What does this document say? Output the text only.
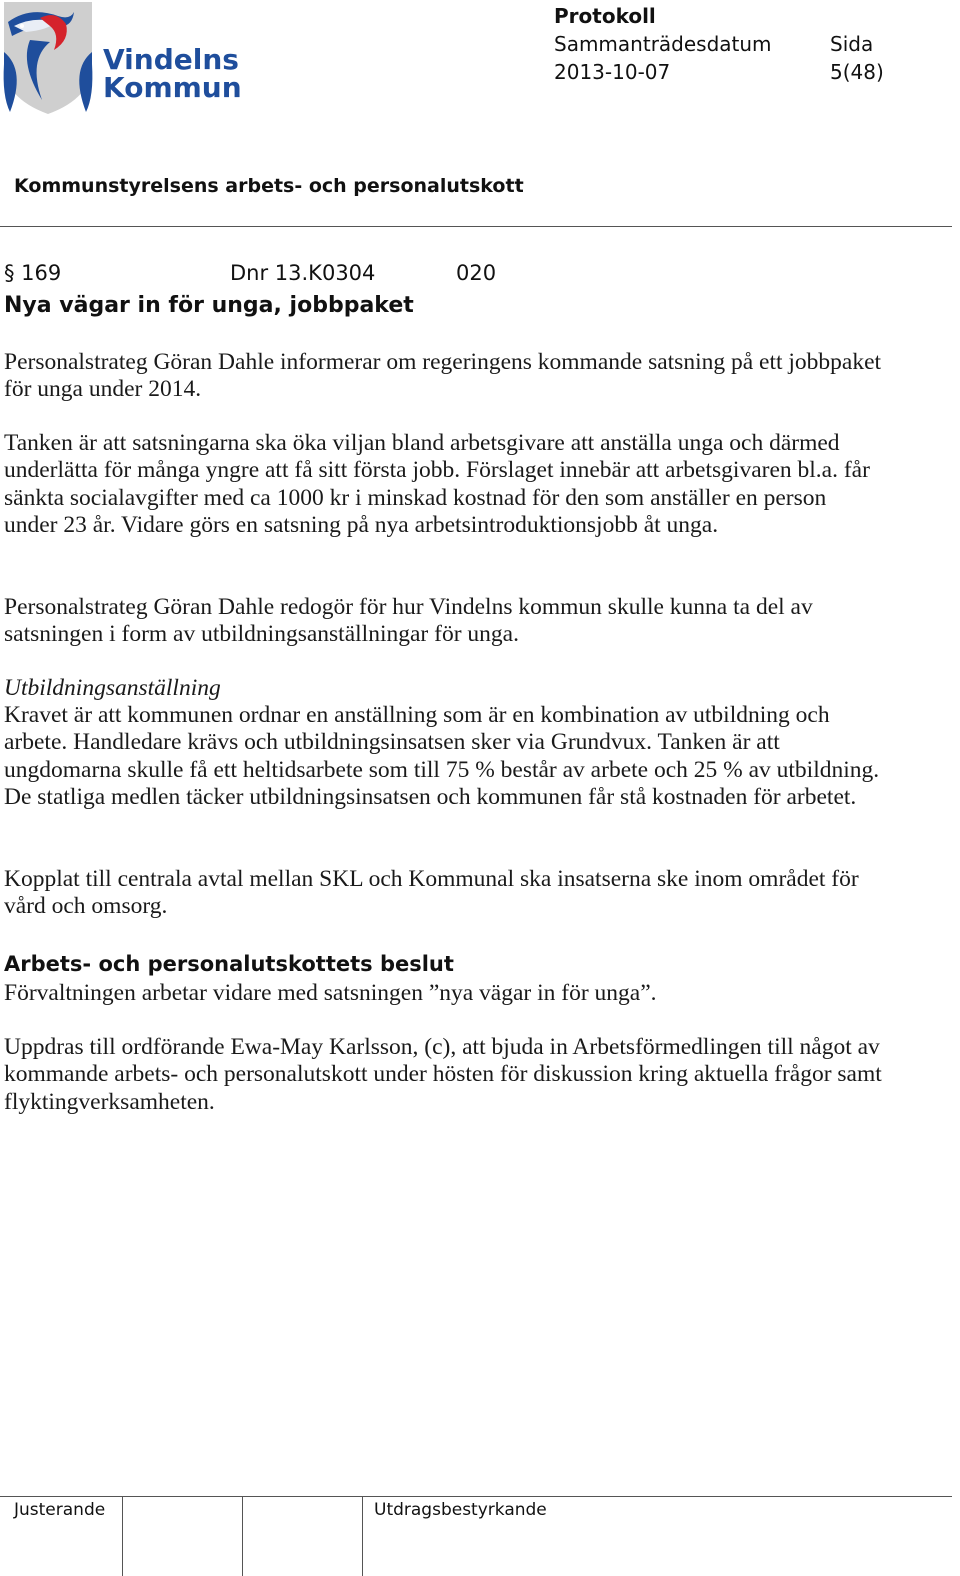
Vindelns
Kommun
Protokoll
Sammanträdesdatum
2013-10-07
Sida
5(48)
Kommunstyrelsens arbets- och personalutskott
§ 169	Dnr 13.K0304	020
Nya vägar in för unga, jobbpaket

Personalstrateg Göran Dahle informerar om regeringens kommande satsning på ett jobbpaket för unga under 2014.

Tanken är att satsningarna ska öka viljan bland arbetsgivare att anställa unga och därmed underlätta för många yngre att få sitt första jobb. Förslaget innebär att arbetsgivaren bl.a. får sänkta socialavgifter med ca 1000 kr i minskad kostnad för den som anställer en person under 23 år. Vidare görs en satsning på nya arbetsintroduktionsjobb åt unga.

Personalstrateg Göran Dahle redogör för hur Vindelns kommun skulle kunna ta del av satsningen i form av utbildningsanställningar för unga.

Utbildningsanställning

Kravet är att kommunen ordnar en anställning som är en kombination av utbildning och arbete. Handledare krävs och utbildningsinsatsen sker via Grundvux. Tanken är att ungdomarna skulle få ett heltidsarbete som till 75 % består av arbete och 25 % av utbildning. De statliga medlen täcker utbildningsinsatsen och kommunen får stå kostnaden för arbetet.

Kopplat till centrala avtal mellan SKL och Kommunal ska insatserna ske inom området för vård och omsorg.

Arbets- och personalutskottets beslut

Förvaltningen arbetar vidare med satsningen ”nya vägar in för unga”.

Uppdras till ordförande Ewa-May Karlsson, (c), att bjuda in Arbetsförmedlingen till något av kommande arbets- och personalutskott under hösten för diskussion kring aktuella frågor samt flyktingverksamheten.

Justerande	Utdragsbestyrkande
